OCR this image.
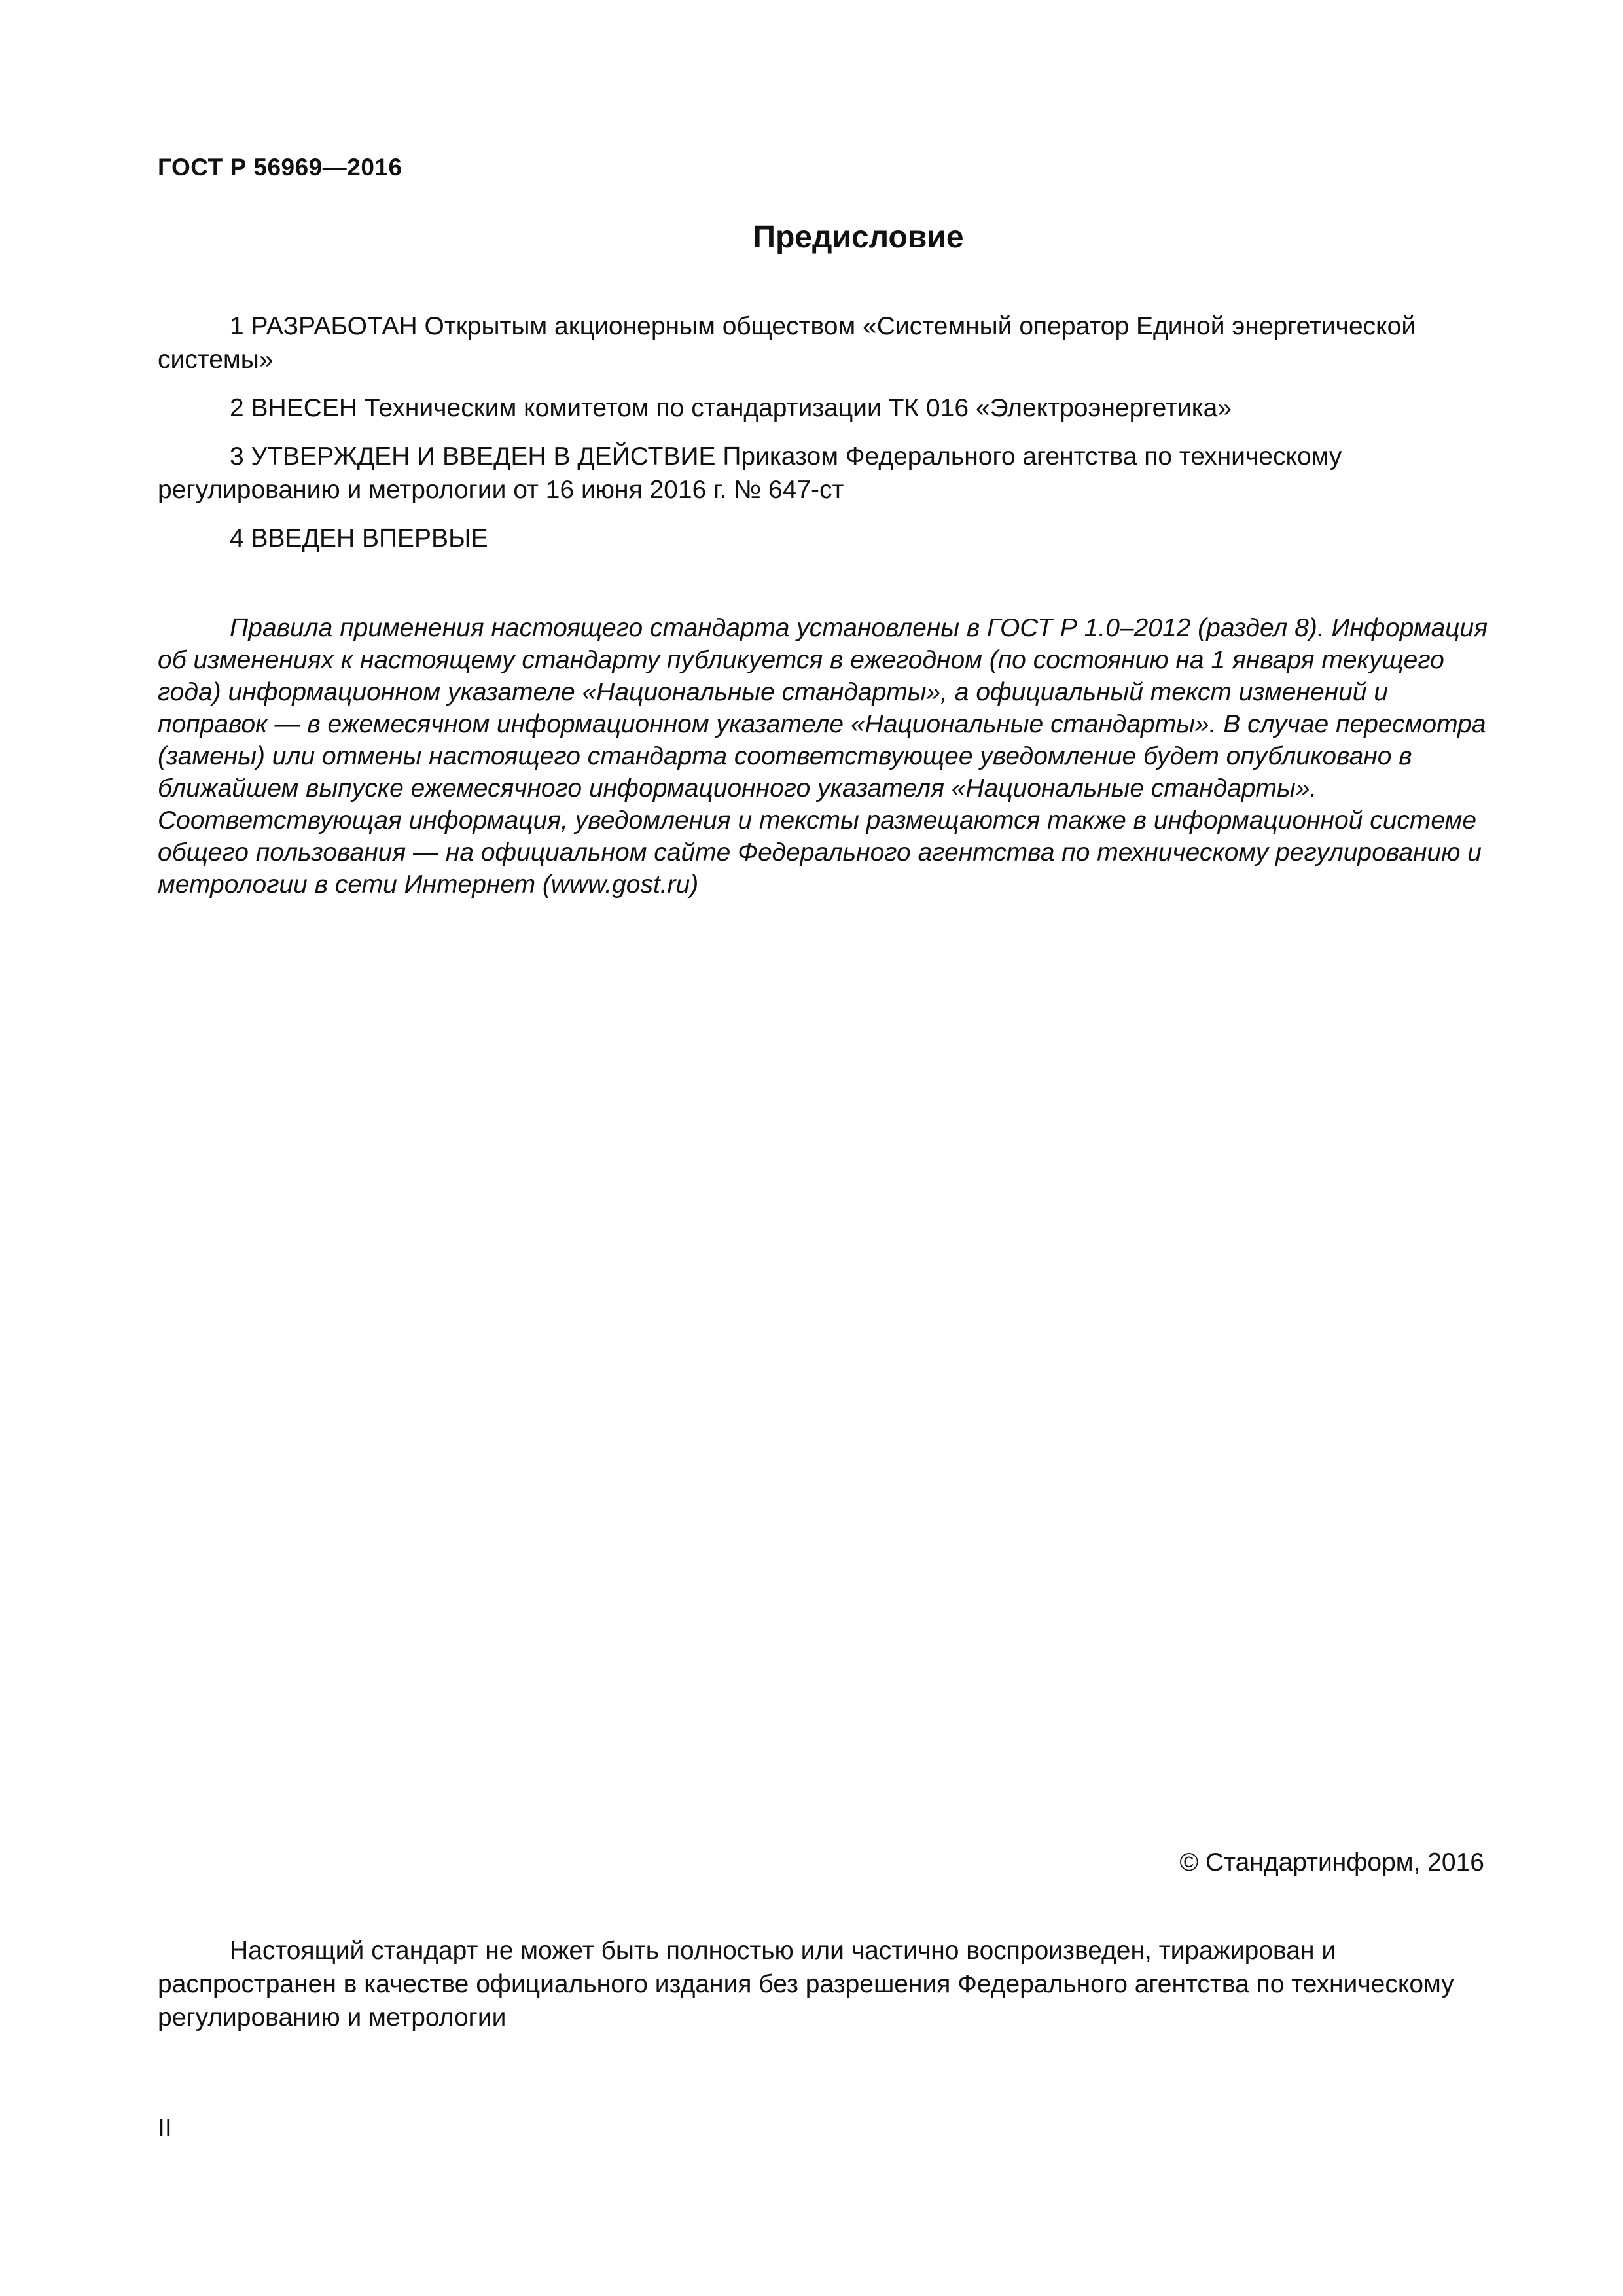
ГОСТ Р 56969—2016
Предисловие

1 РАЗРАБОТАН Открытым акционерным обществом «Системный оператор Единой энергетической системы»

2 ВНЕСЕН Техническим комитетом по стандартизации ТК 016 «Электроэнергетика»

3 УТВЕРЖДЕН И ВВЕДЕН В ДЕЙСТВИЕ Приказом Федерального агентства по техническому регулированию и метрологии от 16 июня 2016 г. № 647-ст

4 ВВЕДЕН ВПЕРВЫЕ

Правила применения настоящего стандарта установлены в ГОСТ Р 1.0–2012 (раздел 8). Информация об изменениях к настоящему стандарту публикуется в ежегодном (по состоянию на 1 января текущего года) информационном указателе «Национальные стандарты», а официальный текст изменений и поправок — в ежемесячном информационном указателе «Национальные стандарты». В случае пересмотра (замены) или отмены настоящего стандарта соответствующее уведомление будет опубликовано в ближайшем выпуске ежемесячного информационного указателя «Национальные стандарты». Соответствующая информация, уведомления и тексты размещаются также в информационной системе общего пользования — на официальном сайте Федерального агентства по техническому регулированию и метрологии в сети Интернет (www.gost.ru)

© Стандартинформ, 2016

Настоящий стандарт не может быть полностью или частично воспроизведен, тиражирован и распространен в качестве официального издания без разрешения Федерального агентства по техническому регулированию и метрологии

II
